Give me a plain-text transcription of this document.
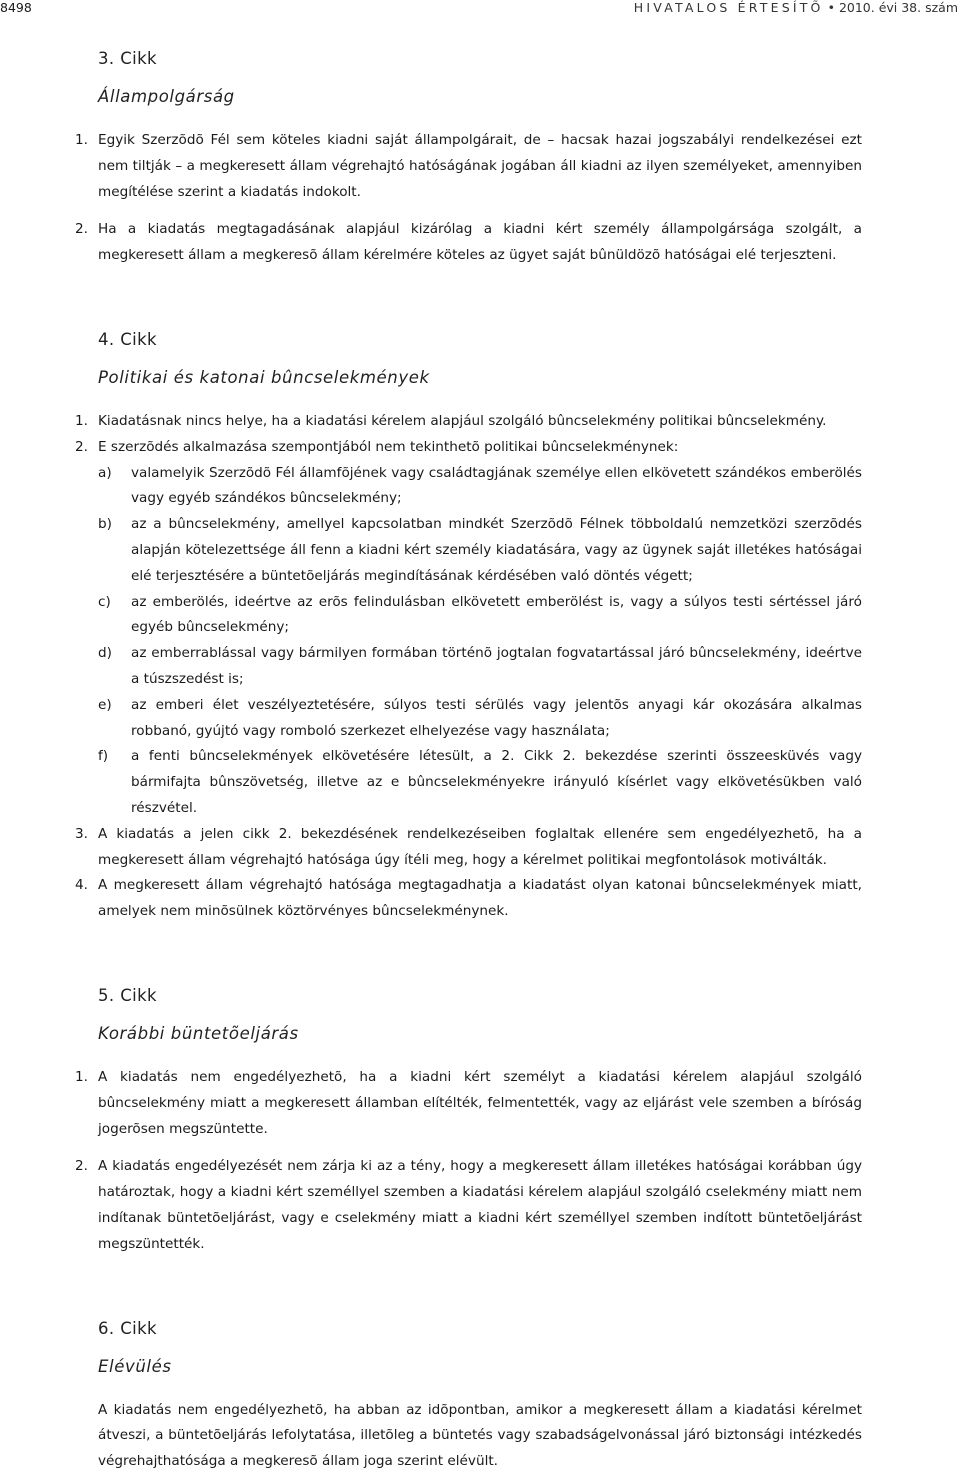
8498	HIVATALOS ÉRTESÍTÕ • 2010. évi 38. szám
3. Cikk
Állampolgárság
1. Egyik Szerzõdõ Fél sem köteles kiadni saját állampolgárait, de – hacsak hazai jogszabályi rendelkezései ezt nem tiltják – a megkeresett állam végrehajtó hatóságának jogában áll kiadni az ilyen személyeket, amennyiben megítélése szerint a kiadatás indokolt.
2. Ha a kiadatás megtagadásának alapjául kizárólag a kiadni kért személy állampolgársága szolgált, a megkeresett állam a megkeresõ állam kérelmére köteles az ügyet saját bûnüldözõ hatóságai elé terjeszteni.
4. Cikk
Politikai és katonai bûncselekmények
1. Kiadatásnak nincs helye, ha a kiadatási kérelem alapjául szolgáló bûncselekmény politikai bûncselekmény.
2. E szerzõdés alkalmazása szempontjából nem tekinthetõ politikai bûncselekménynek:
a) valamelyik Szerzõdõ Fél államfõjének vagy családtagjának személye ellen elkövetett szándékos emberölés vagy egyéb szándékos bûncselekmény;
b) az a bûncselekmény, amellyel kapcsolatban mindkét Szerzõdõ Félnek többoldalú nemzetközi szerzõdés alapján kötelezettsége áll fenn a kiadni kért személy kiadatására, vagy az ügynek saját illetékes hatóságai elé terjesztésére a büntetõeljárás megindításának kérdésében való döntés végett;
c) az emberölés, ideértve az erõs felindulásban elkövetett emberölést is, vagy a súlyos testi sértéssel járó egyéb bûncselekmény;
d) az emberrablással vagy bármilyen formában történõ jogtalan fogvatartással járó bûncselekmény, ideértve a túszszedést is;
e) az emberi élet veszélyeztetésére, súlyos testi sérülés vagy jelentõs anyagi kár okozására alkalmas robbanó, gyújtó vagy romboló szerkezet elhelyezése vagy használata;
f) a fenti bûncselekmények elkövetésére létesült, a 2. Cikk 2. bekezdése szerinti összeesküvés vagy bármifajta bûnszövetség, illetve az e bûncselekményekre irányuló kísérlet vagy elkövetésükben való részvétel.
3. A kiadatás a jelen cikk 2. bekezdésének rendelkezéseiben foglaltak ellenére sem engedélyezhetõ, ha a megkeresett állam végrehajtó hatósága úgy ítéli meg, hogy a kérelmet politikai megfontolások motiválták.
4. A megkeresett állam végrehajtó hatósága megtagadhatja a kiadatást olyan katonai bûncselekmények miatt, amelyek nem minõsülnek köztörvényes bûncselekménynek.
5. Cikk
Korábbi büntetõeljárás
1. A kiadatás nem engedélyezhetõ, ha a kiadni kért személyt a kiadatási kérelem alapjául szolgáló bûncselekmény miatt a megkeresett államban elítélték, felmentették, vagy az eljárást vele szemben a bíróság jogerõsen megszüntette.
2. A kiadatás engedélyezését nem zárja ki az a tény, hogy a megkeresett állam illetékes hatóságai korábban úgy határoztak, hogy a kiadni kért személlyel szemben a kiadatási kérelem alapjául szolgáló cselekmény miatt nem indítanak büntetõeljárást, vagy e cselekmény miatt a kiadni kért személlyel szemben indított büntetõeljárást megszüntették.
6. Cikk
Elévülés
A kiadatás nem engedélyezhetõ, ha abban az idõpontban, amikor a megkeresett állam a kiadatási kérelmet átveszi, a büntetõeljárás lefolytatása, illetõleg a büntetés vagy szabadságelvonással járó biztonsági intézkedés végrehajthatósága a megkeresõ állam joga szerint elévült.
